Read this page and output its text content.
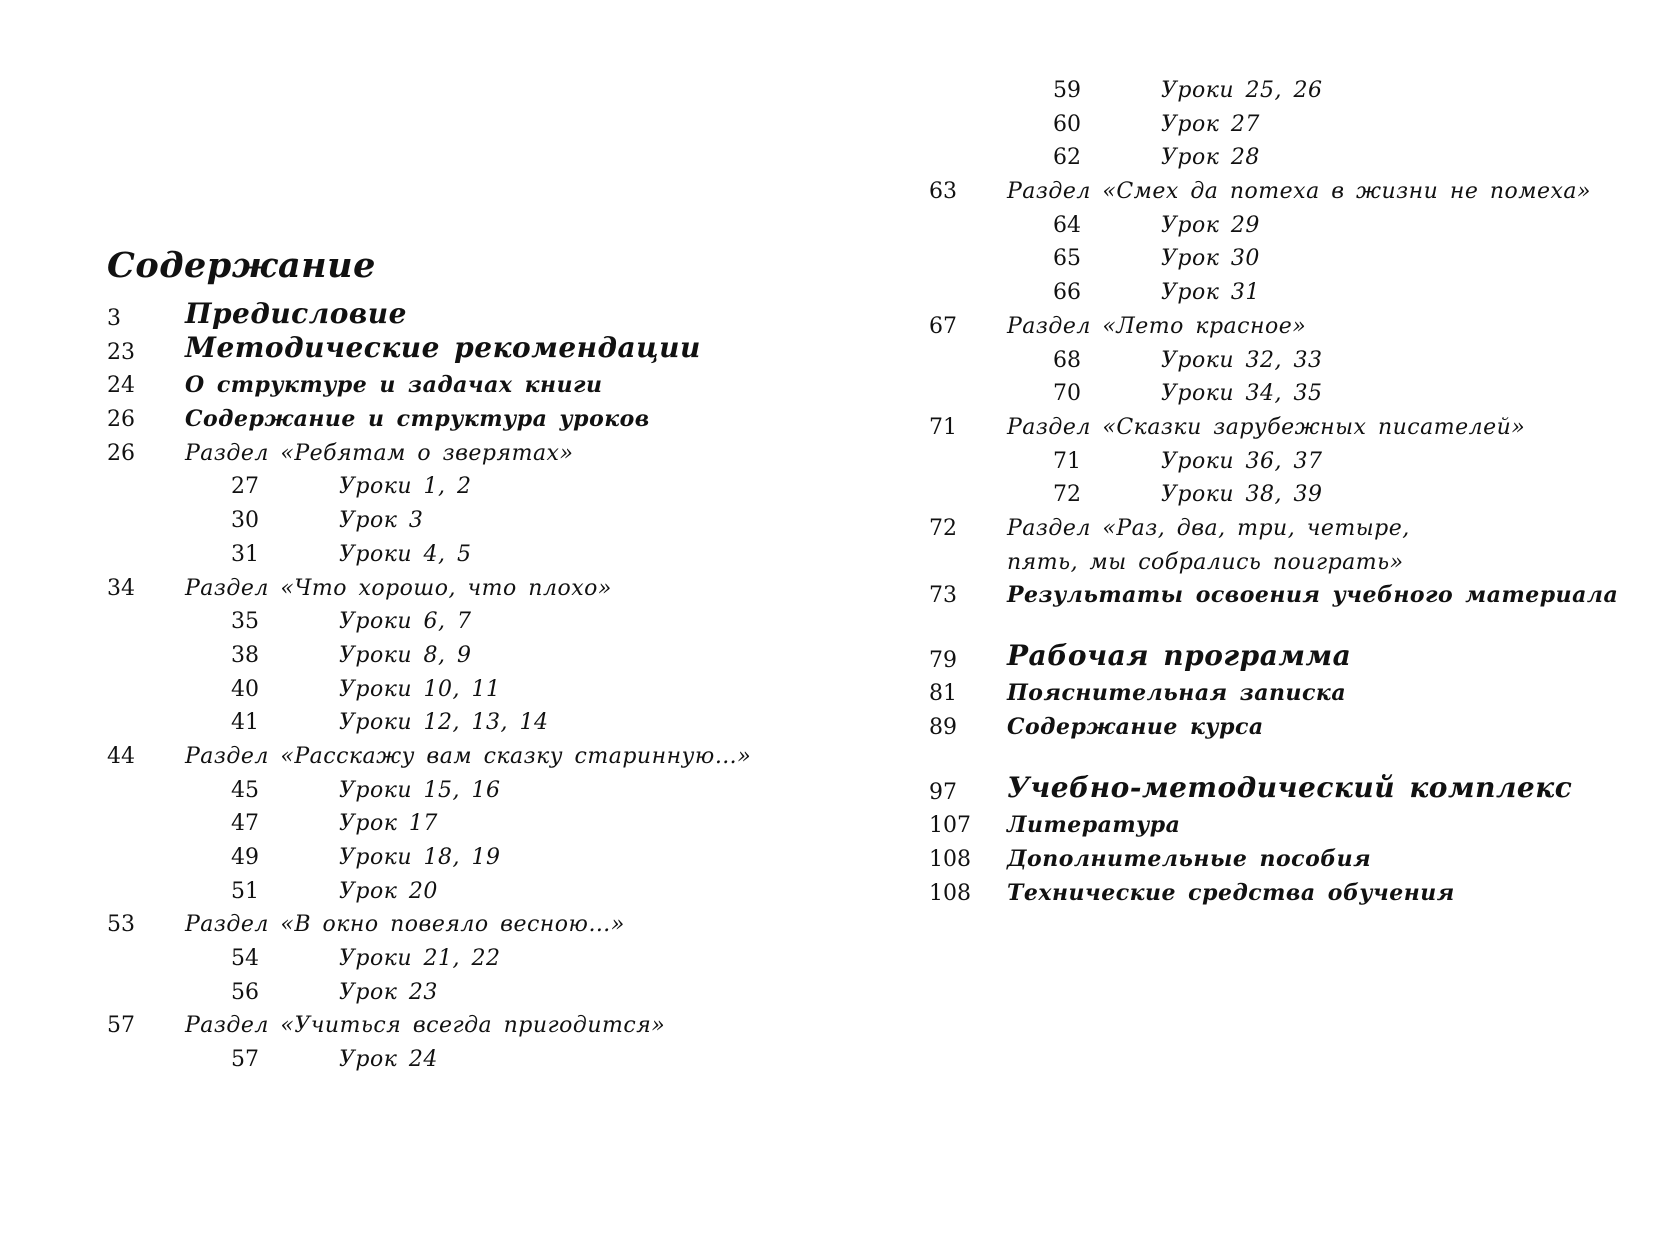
Содержание
3 Предисловие
23 Методические рекомендации
24 О структуре и задачах книги
26 Содержание и структура уроков
26 Раздел «Ребятам о зверятах»
27	Уроки 1, 2
30	Урок 3
31	Уроки 4, 5
34 Раздел «Что хорошо, что плохо»
35	Уроки 6, 7
38	Уроки 8, 9
40	Уроки 10, 11
41	Уроки 12, 13, 14
44 Раздел «Расскажу вам сказку старинную…»
45	Уроки 15, 16
47	Урок 17
49	Уроки 18, 19
51	Урок 20
53 Раздел «В окно повеяло весною…»
54	Уроки 21, 22
56	Урок 23
57 Раздел «Учиться всегда пригодится»
57	Урок 24
59	Уроки 25, 26
60	Урок 27
62	Урок 28
63 Раздел «Смех да потеха в жизни не помеха»
64	Урок 29
65	Урок 30
66	Урок 31
67 Раздел «Лето красное»
68	Уроки 32, 33
70	Уроки 34, 35
71 Раздел «Сказки зарубежных писателей»
71	Уроки 36, 37
72	Уроки 38, 39
72 Раздел «Раз, два, три, четыре,
пять, мы собрались поиграть»
73 Результаты освоения учебного материала
79 Рабочая программа
81 Пояснительная записка
89 Содержание курса
97 Учебно-методический комплекс
107 Литература
108 Дополнительные пособия
108 Технические средства обучения
